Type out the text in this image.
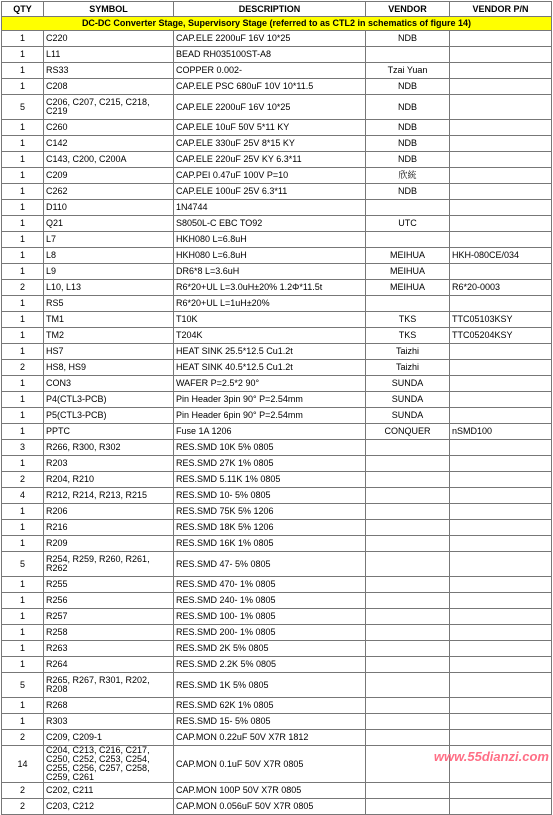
QTY	SYMBOL	DESCRIPTION	VENDOR	VENDOR P/N
DC-DC Converter Stage, Supervisory Stage (referred to as CTL2 in schematics of figure 14)				
1	C220	CAP.ELE 2200uF 16V 10*25	NDB	
1	L11	BEAD RH035100ST-A8		
1	RS33	COPPER 0.002-	Tzai Yuan	
1	C208	CAP.ELE PSC 680uF 10V 10*11.5	NDB	
5	C206, C207, C215, C218, C219	CAP.ELE 2200uF 16V 10*25	NDB	
1	C260	CAP.ELE 10uF 50V 5*11 KY	NDB	
1	C142	CAP.ELE 330uF 25V 8*15 KY	NDB	
1	C143, C200, C200A	CAP.ELE 220uF 25V KY 6.3*11	NDB	
1	C209	CAP.PEI 0.47uF 100V P=10	欣統	
1	C262	CAP.ELE 100uF 25V 6.3*11	NDB	
1	D110	1N4744		
1	Q21	S8050L-C EBC TO92	UTC	
1	L7	HKH080 L=6.8uH		
1	L8	HKH080 L=6.8uH	MEIHUA	HKH-080CE/034
1	L9	DR6*8 L=3.6uH	MEIHUA	
2	L10, L13	R6*20+UL L=3.0uH±20% 1.2Φ*11.5t	MEIHUA	R6*20-0003
1	RS5	R6*20+UL L=1uH±20%		
1	TM1	T10K	TKS	TTC05103KSY
1	TM2	T204K	TKS	TTC05204KSY
1	HS7	HEAT SINK 25.5*12.5 Cu1.2t	Taizhi	
2	HS8, HS9	HEAT SINK 40.5*12.5 Cu1.2t	Taizhi	
1	CON3	WAFER P=2.5*2 90°	SUNDA	
1	P4(CTL3-PCB)	Pin Header 3pin 90° P=2.54mm	SUNDA	
1	P5(CTL3-PCB)	Pin Header 6pin 90° P=2.54mm	SUNDA	
1	PPTC	Fuse 1A 1206	CONQUER	nSMD100
3	R266, R300, R302	RES.SMD 10K 5% 0805		
1	R203	RES.SMD 27K 1% 0805		
2	R204, R210	RES.SMD 5.11K 1% 0805		
4	R212, R214, R213, R215	RES.SMD 10- 5% 0805		
1	R206	RES.SMD 75K 5% 1206		
1	R216	RES.SMD 18K 5% 1206		
1	R209	RES.SMD 16K 1% 0805		
5	R254, R259, R260, R261, R262	RES.SMD 47- 5% 0805		
1	R255	RES.SMD 470- 1% 0805		
1	R256	RES.SMD 240- 1% 0805		
1	R257	RES.SMD 100- 1% 0805		
1	R258	RES.SMD 200- 1% 0805		
1	R263	RES.SMD 2K 5% 0805		
1	R264	RES.SMD 2.2K 5% 0805		
5	R265, R267, R301, R202, R208	RES.SMD 1K 5% 0805		
1	R268	RES.SMD 62K 1% 0805		
1	R303	RES.SMD 15- 5% 0805		
2	C209, C209-1	CAP.MON 0.22uF 50V X7R 1812		
14	C204, C213, C216, C217, C250, C252, C253, C254, C255, C256, C257, C258, C259, C261	CAP.MON 0.1uF 50V X7R 0805		
2	C202, C211	CAP.MON 100P 50V X7R 0805		
2	C203, C212	CAP.MON 0.056uF 50V X7R 0805		
www.55dianzi.com
